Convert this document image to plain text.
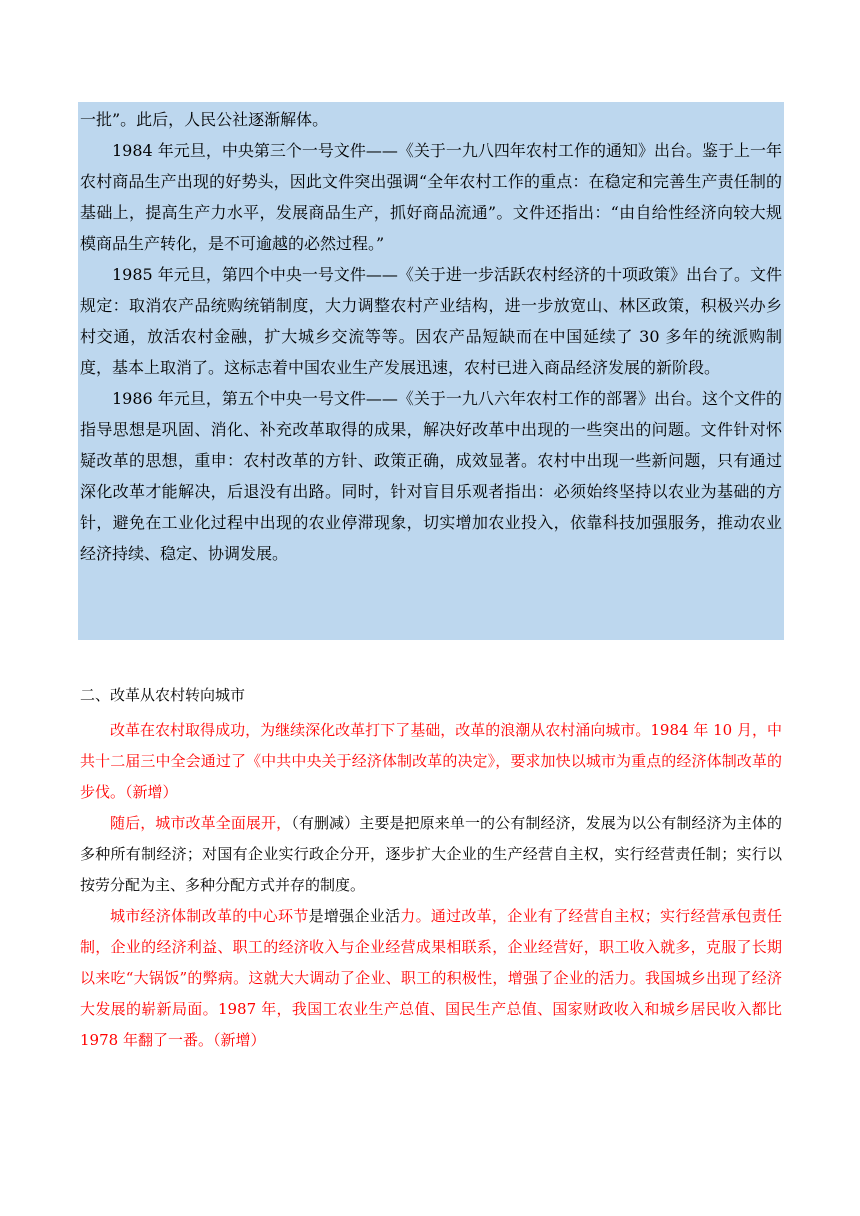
一批”。此后，人民公社逐渐解体。

1984 年元旦，中央第三个一号文件——《关于一九八四年农村工作的通知》出台。鉴于上一年农村商品生产出现的好势头，因此文件突出强调“全年农村工作的重点：在稳定和完善生产责任制的基础上，提高生产力水平，发展商品生产，抓好商品流通”。文件还指出：“由自给性经济向较大规模商品生产转化，是不可逾越的必然过程。”

1985 年元旦，第四个中央一号文件——《关于进一步活跃农村经济的十项政策》出台了。文件规定：取消农产品统购统销制度，大力调整农村产业结构，进一步放宽山、林区政策，积极兴办乡村交通，放活农村金融，扩大城乡交流等等。因农产品短缺而在中国延续了 30 多年的统派购制度，基本上取消了。这标志着中国农业生产发展迅速，农村已进入商品经济发展的新阶段。

1986 年元旦，第五个中央一号文件——《关于一九八六年农村工作的部署》出台。这个文件的指导思想是巩固、消化、补充改革取得的成果，解决好改革中出现的一些突出的问题。文件针对怀疑改革的思想，重申：农村改革的方针、政策正确，成效显著。农村中出现一些新问题，只有通过深化改革才能解决，后退没有出路。同时，针对盲目乐观者指出：必须始终坚持以农业为基础的方针，避免在工业化过程中出现的农业停滞现象，切实增加农业投入，依靠科技加强服务，推动农业经济持续、稳定、协调发展。

二、改革从农村转向城市

改革在农村取得成功，为继续深化改革打下了基础，改革的浪潮从农村涌向城市。1984 年 10 月，中共十二届三中全会通过了《中共中央关于经济体制改革的决定》，要求加快以城市为重点的经济体制改革的步伐。（新增）

随后，城市改革全面展开，（有删减）主要是把原来单一的公有制经济，发展为以公有制经济为主体的多种所有制经济；对国有企业实行政企分开，逐步扩大企业的生产经营自主权，实行经营责任制；实行以按劳分配为主、多种分配方式并存的制度。

城市经济体制改革的中心环节是增强企业活力。通过改革，企业有了经营自主权；实行经营承包责任制，企业的经济利益、职工的经济收入与企业经营成果相联系，企业经营好，职工收入就多，克服了长期以来吃“大锅饭”的弊病。这就大大调动了企业、职工的积极性，增强了企业的活力。我国城乡出现了经济大发展的崭新局面。1987 年，我国工农业生产总值、国民生产总值、国家财政收入和城乡居民收入都比 1978 年翻了一番。（新增）
